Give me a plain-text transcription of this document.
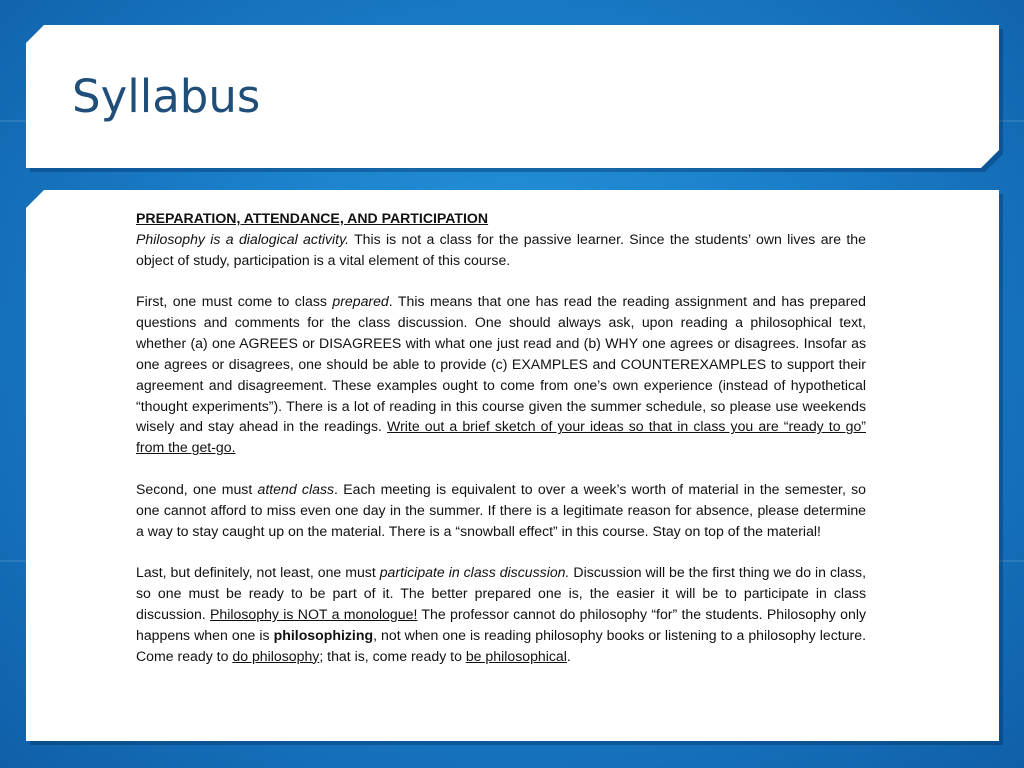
Syllabus

PREPARATION, ATTENDANCE, AND PARTICIPATION
Philosophy is a dialogical activity. This is not a class for the passive learner. Since the students’ own lives are the object of study, participation is a vital element of this course.

First, one must come to class prepared. This means that one has read the reading assignment and has prepared questions and comments for the class discussion. One should always ask, upon reading a philosophical text, whether (a) one AGREES or DISAGREES with what one just read and (b) WHY one agrees or disagrees. Insofar as one agrees or disagrees, one should be able to provide (c) EXAMPLES and COUNTEREXAMPLES to support their agreement and disagreement. These examples ought to come from one’s own experience (instead of hypothetical “thought experiments”). There is a lot of reading in this course given the summer schedule, so please use weekends wisely and stay ahead in the readings. Write out a brief sketch of your ideas so that in class you are “ready to go” from the get-go.

Second, one must attend class. Each meeting is equivalent to over a week’s worth of material in the semester, so one cannot afford to miss even one day in the summer. If there is a legitimate reason for absence, please determine a way to stay caught up on the material. There is a “snowball effect” in this course. Stay on top of the material!

Last, but definitely, not least, one must participate in class discussion. Discussion will be the first thing we do in class, so one must be ready to be part of it. The better prepared one is, the easier it will be to participate in class discussion. Philosophy is NOT a monologue! The professor cannot do philosophy “for” the students. Philosophy only happens when one is philosophizing, not when one is reading philosophy books or listening to a philosophy lecture. Come ready to do philosophy; that is, come ready to be philosophical.
